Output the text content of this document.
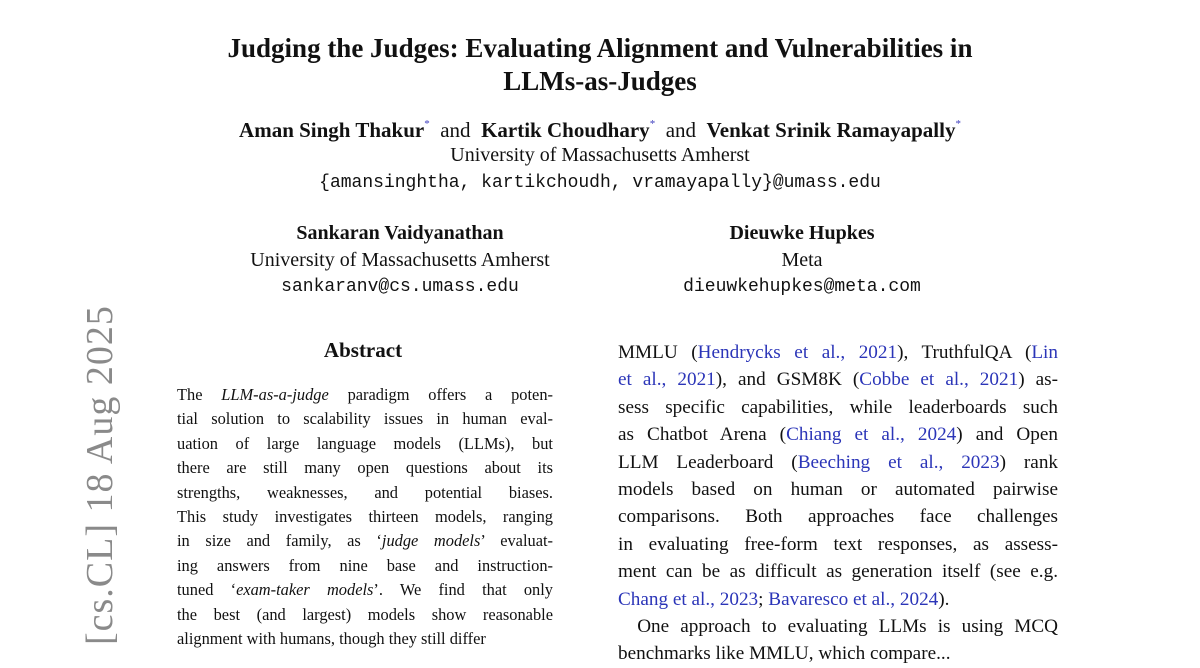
Judging the Judges: Evaluating Alignment and Vulnerabilities in
LLMs-as-Judges
Aman Singh Thakur* and Kartik Choudhary* and Venkat Srinik Ramayapally*
University of Massachusetts Amherst
{amansinghtha, kartikchoudh, vramayapally}@umass.edu
Sankaran Vaidyanathan
University of Massachusetts Amherst
sankaranv@cs.umass.edu
Dieuwke Hupkes
Meta
dieuwkehupkes@meta.com
Abstract
The LLM-as-a-judge paradigm offers a poten-
tial solution to scalability issues in human eval-
uation of large language models (LLMs), but
there are still many open questions about its
strengths, weaknesses, and potential biases.
This study investigates thirteen models, ranging
in size and family, as ‘judge models’ evaluat-
ing answers from nine base and instruction-
tuned ‘exam-taker models’. We find that only
the best (and largest) models show reasonable
alignment with humans, though they still differ
MMLU (Hendrycks et al., 2021), TruthfulQA (Lin
et al., 2021), and GSM8K (Cobbe et al., 2021) as-
sess specific capabilities, while leaderboards such
as Chatbot Arena (Chiang et al., 2024) and Open
LLM Leaderboard (Beeching et al., 2023) rank
models based on human or automated pairwise
comparisons. Both approaches face challenges
in evaluating free-form text responses, as assess-
ment can be as difficult as generation itself (see e.g.
Chang et al., 2023; Bavaresco et al., 2024).
 One approach to evaluating LLMs is using MCQ
benchmarks like MMLU, which compare...
[cs.CL] 18 Aug 2025
